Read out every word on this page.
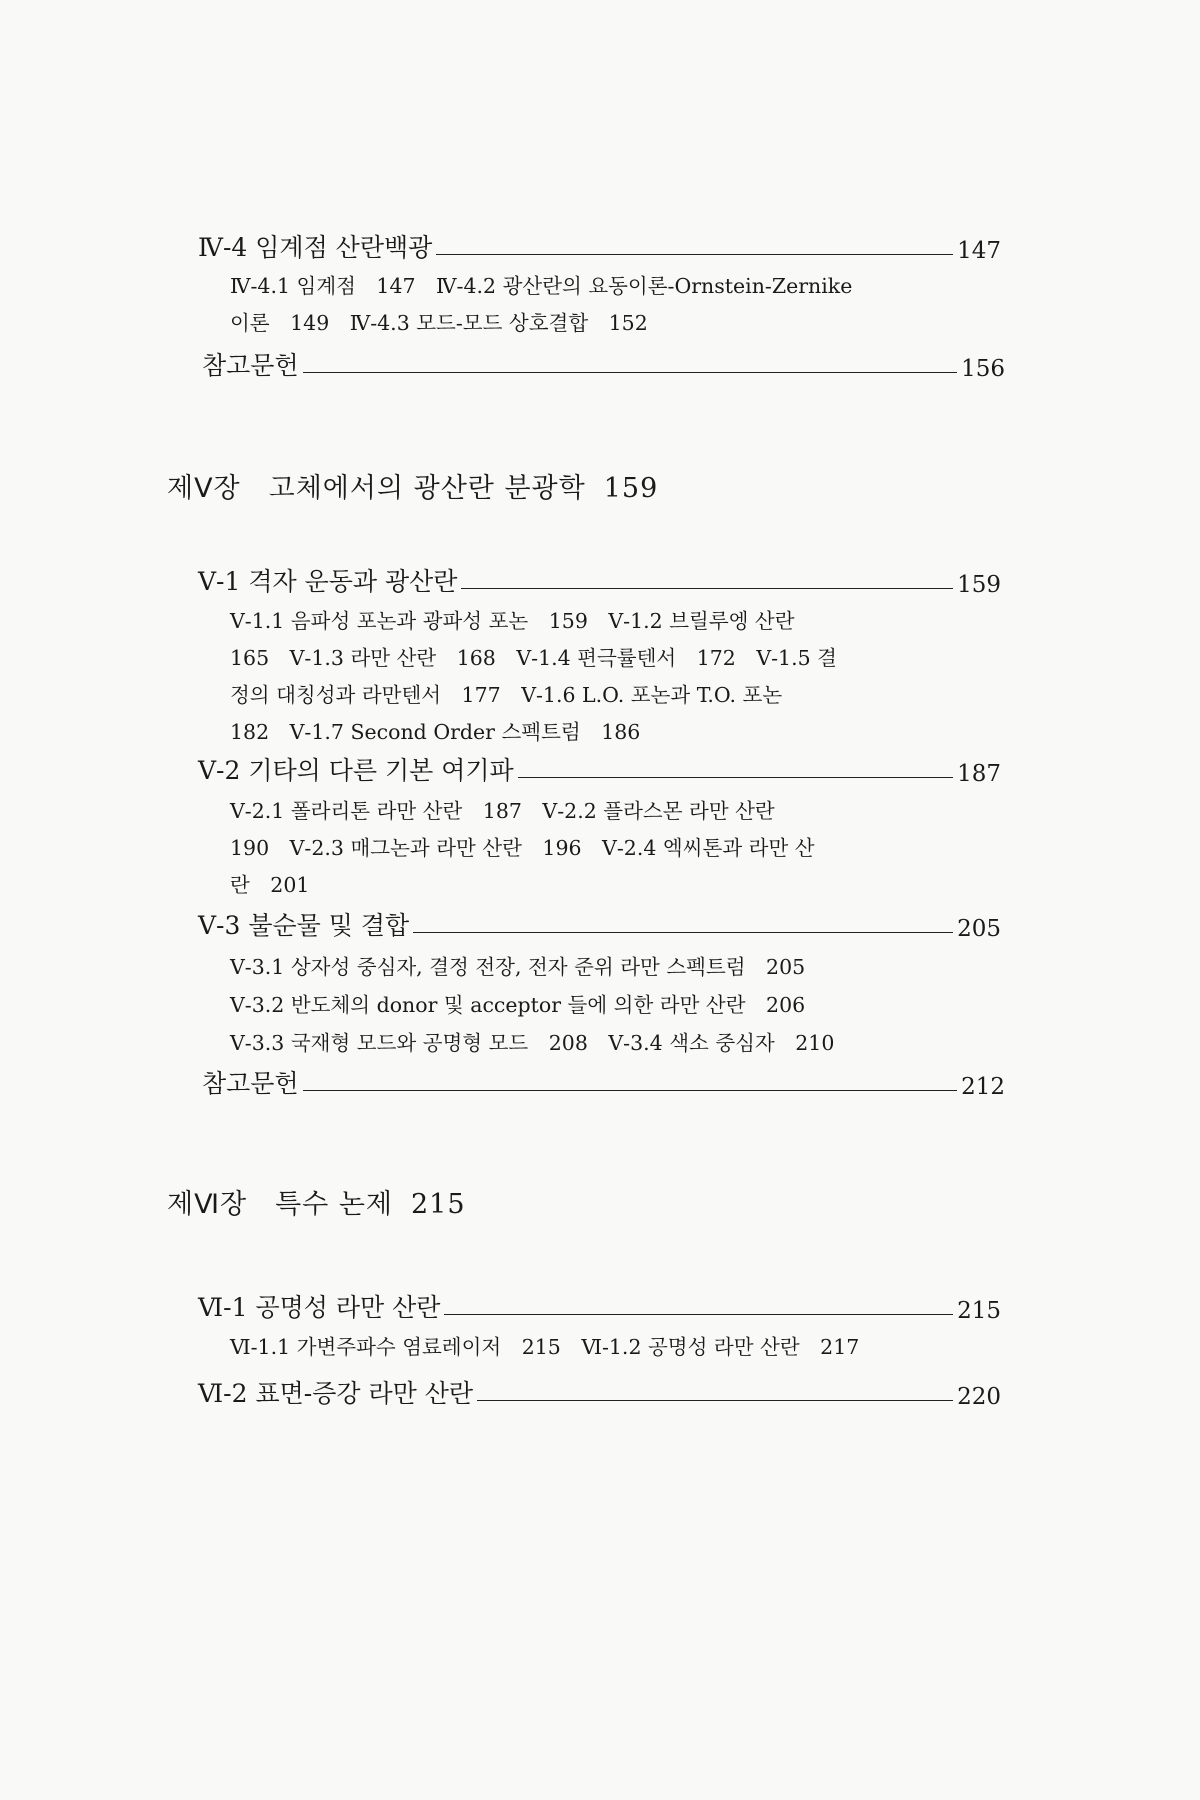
Ⅳ-4 임계점 산란백광	147
Ⅳ-4.1 임계점　147　Ⅳ-4.2 광산란의 요동이론-Ornstein-Zernike
이론　149　Ⅳ-4.3 모드-모드 상호결합　152
참고문헌	156
제Ⅴ장 고체에서의 광산란 분광학 159
Ⅴ-1 격자 운동과 광산란	159
Ⅴ-1.1 음파성 포논과 광파성 포논　159　Ⅴ-1.2 브릴루엥 산란
165　Ⅴ-1.3 라만 산란　168　Ⅴ-1.4 편극률텐서　172　Ⅴ-1.5 결
정의 대칭성과 라만텐서　177　Ⅴ-1.6 L.O. 포논과 T.O. 포논
182　Ⅴ-1.7 Second Order 스펙트럼　186
Ⅴ-2 기타의 다른 기본 여기파	187
Ⅴ-2.1 폴라리톤 라만 산란　187　Ⅴ-2.2 플라스몬 라만 산란
190　Ⅴ-2.3 매그논과 라만 산란　196　Ⅴ-2.4 엑씨톤과 라만 산
란　201
Ⅴ-3 불순물 및 결합	205
Ⅴ-3.1 상자성 중심자, 결정 전장, 전자 준위 라만 스펙트럼　205
Ⅴ-3.2 반도체의 donor 및 acceptor 들에 의한 라만 산란　206
Ⅴ-3.3 국재형 모드와 공명형 모드　208　Ⅴ-3.4 색소 중심자　210
참고문헌	212
제Ⅵ장 특수 논제 215
Ⅵ-1 공명성 라만 산란	215
Ⅵ-1.1 가변주파수 염료레이저　215　Ⅵ-1.2 공명성 라만 산란　217
Ⅵ-2 표면-증강 라만 산란	220
